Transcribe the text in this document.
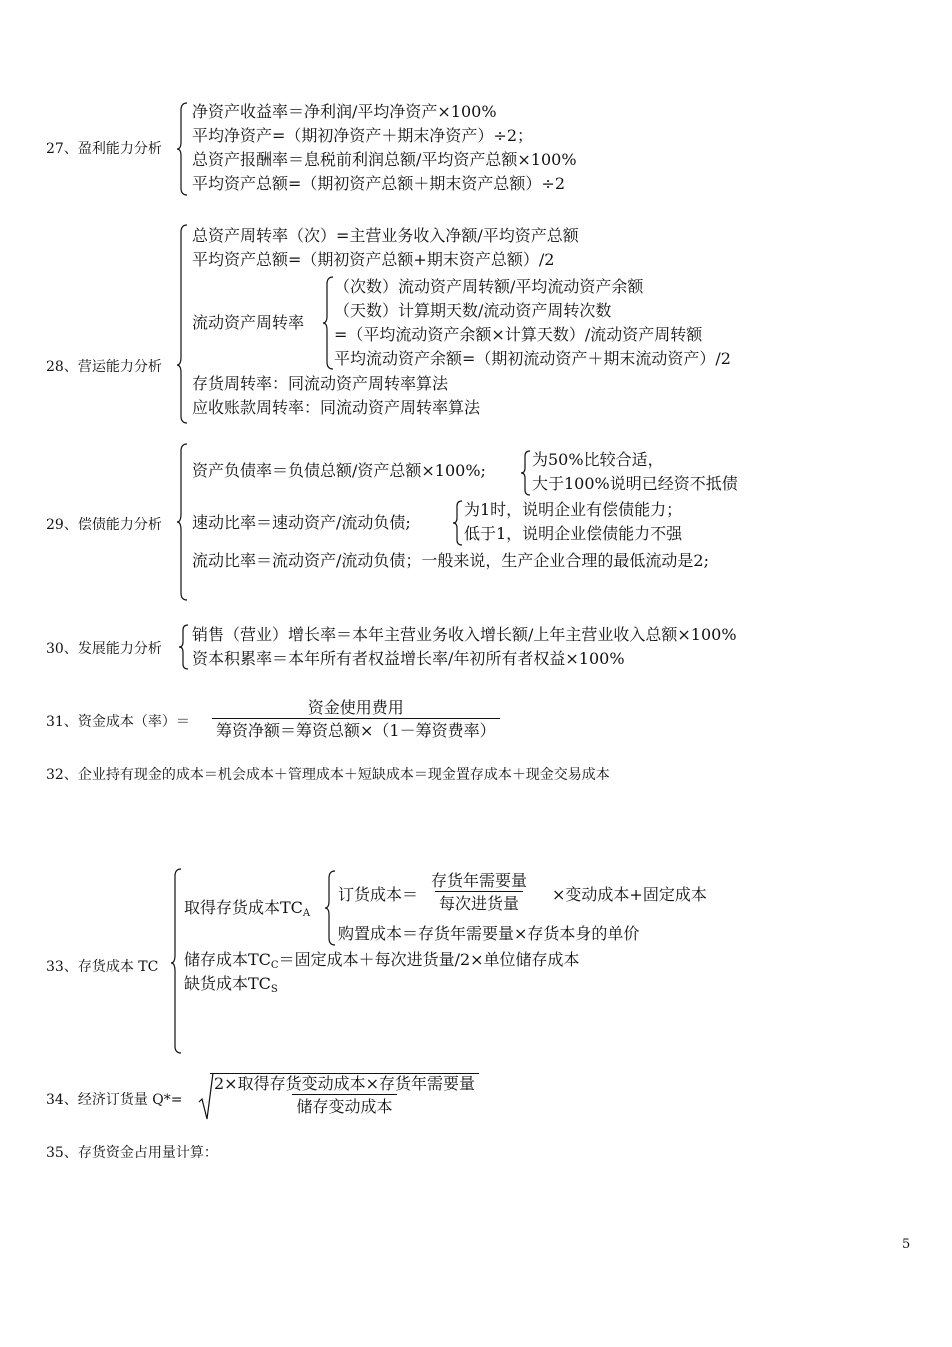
27、盈利能力分析
净资产收益率＝净利润/平均净资产×100%
平均净资产=（期初净资产＋期末净资产）÷2；
总资产报酬率＝息税前利润总额/平均资产总额×100%
平均资产总额=（期初资产总额＋期末资产总额）÷2
28、营运能力分析
总资产周转率（次）=主营业务收入净额/平均资产总额
平均资产总额=（期初资产总额+期末资产总额）/2
流动资产周转率
（次数）流动资产周转额/平均流动资产余额
（天数）计算期天数/流动资产周转次数
=（平均流动资产余额×计算天数）/流动资产周转额
平均流动资产余额=（期初流动资产＋期末流动资产）/2
存货周转率：同流动资产周转率算法
应收账款周转率：同流动资产周转率算法
29、偿债能力分析
资产负债率＝负债总额/资产总额×100%;
为50%比较合适，
大于100%说明已经资不抵债
速动比率＝速动资产/流动负债;
为1时，说明企业有偿债能力；
低于1，说明企业偿债能力不强
流动比率＝流动资产/流动负债；一般来说，生产企业合理的最低流动是2;
30、发展能力分析
销售（营业）增长率＝本年主营业务收入增长额/上年主营业收入总额×100%
资本积累率＝本年所有者权益增长率/年初所有者权益×100%
31、资金成本（率）＝
资金使用费用
筹资净额＝筹资总额×（1－筹资费率）
32、企业持有现金的成本＝机会成本＋管理成本＋短缺成本＝现金置存成本＋现金交易成本
33、存货成本 TC
取得存货成本$TC_A$
订货成本＝
存货年需要量
每次进货量 ×变动成本+固定成本
购置成本＝存货年需要量×存货本身的单价
储存成本$TC_C=$固定成本＋每次进货量/2×单位储存成本
缺货成本$TC_S$
34、经济订货量 Q*=
2×取得存货变动成本×存货年需要量
储存变动成本
35、存货资金占用量计算：
5
